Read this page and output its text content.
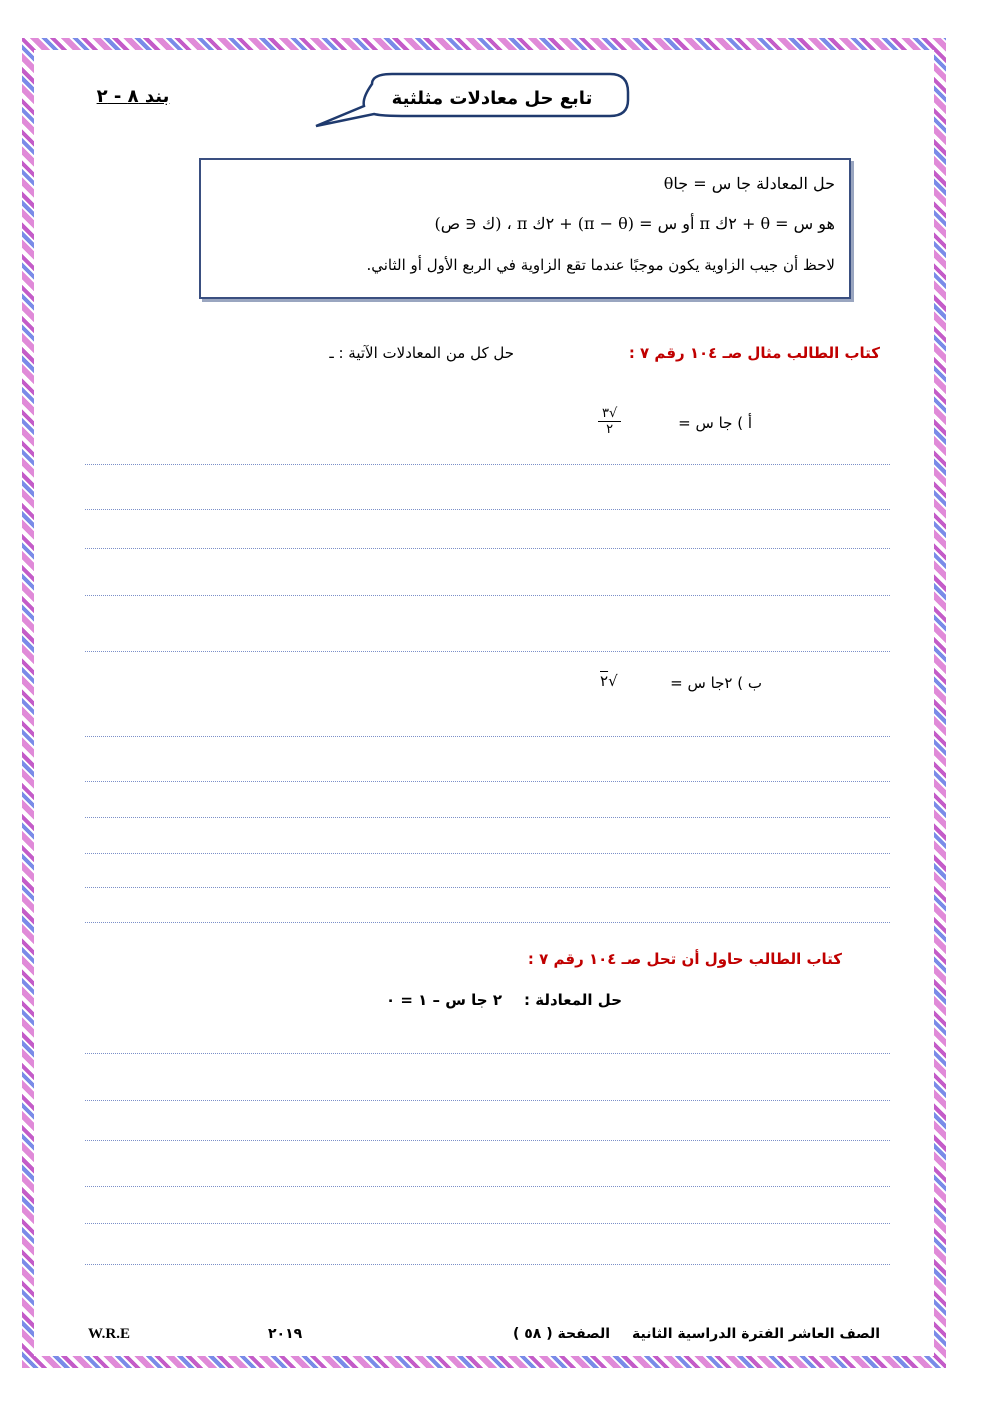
بند ٨ - ٢	تابع حل معادلات مثلثية
حل المعادلة جا س = جاθ
هو س = θ + ٢ك π أو س = (π − θ) + ٢ك π ، (ك ∈ ص)
لاحظ أن جيب الزاوية يكون موجبًا عندما تقع الزاوية في الربع الأول أو الثاني.
كتاب الطالب مثال صـ ١٠٤ رقم ٧ :
حل كل من المعادلات الآتية : ـ
أ ) جا س =
٣√
٢
ب ) ٢جا س =
√٢
كتاب الطالب حاول أن تحل صـ ١٠٤ رقم ٧ :
حل المعادلة :
٢ جا س – ١ = ٠
الصف العاشر الفترة الدراسية الثانية
الصفحة ( ٥٨ )
٢٠١٩
W.R.E
